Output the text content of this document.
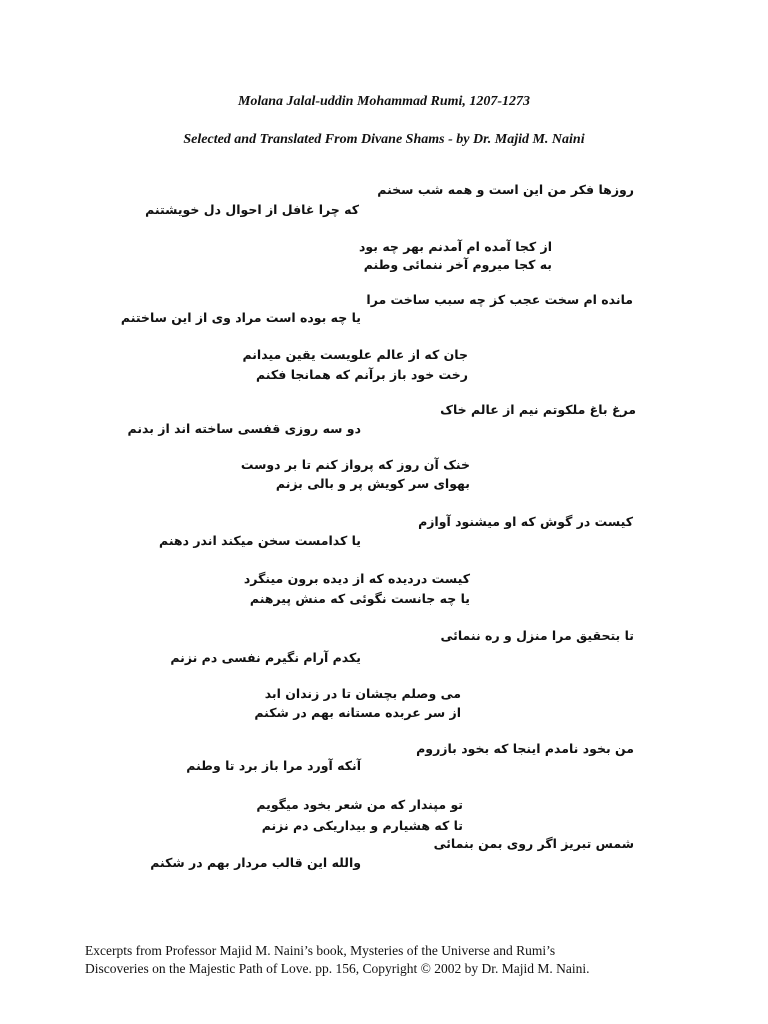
Molana Jalal-uddin Mohammad Rumi, 1207-1273
Selected and Translated From Divane Shams - by Dr. Majid M. Naini
روزها فکر من این است و همه شب سخنم
که چرا غافل از احوال دل خویشتنم
از کجا آمده ام آمدنم بهر چه بود
به کجا میروم آخر ننمائی وطنم
مانده ام سخت عجب کز چه سبب ساخت مرا
یا چه بوده است مراد وی از این ساختنم
جان که از عالم علویست یقین میدانم
رخت خود باز برآنم که همانجا فکنم
مرغ باغ ملکوتم نیم از عالم خاک
دو سه روزی قفسی ساخته اند از بدنم
خنک آن روز که پرواز کنم تا بر دوست
بهوای سر کویش پر و بالی بزنم
کیست در گوش که او میشنود آوازم
یا کدامست سخن میکند اندر دهنم
کیست دردیده که از دیده برون مینگرد
یا چه جانست نگوئی که منش پیرهنم
تا بتحقیق مرا منزل و ره ننمائی
یکدم آرام نگیرم نفسی دم نزنم
می وصلم بچشان تا در زندان ابد
از سر عربده مستانه بهم در شکنم
من بخود نامدم اینجا که بخود بازروم
آنکه آورد مرا باز برد تا وطنم
تو مپندار که من شعر بخود میگویم
تا که هشیارم و بیداریکی دم نزنم
شمس تبریز اگر روی بمن بنمائی
والله این قالب مردار بهم در شکنم
Excerpts from Professor Majid M. Naini’s book, Mysteries of the Universe and Rumi’s
Discoveries on the Majestic Path of Love. pp. 156, Copyright © 2002 by Dr. Majid M. Naini.
